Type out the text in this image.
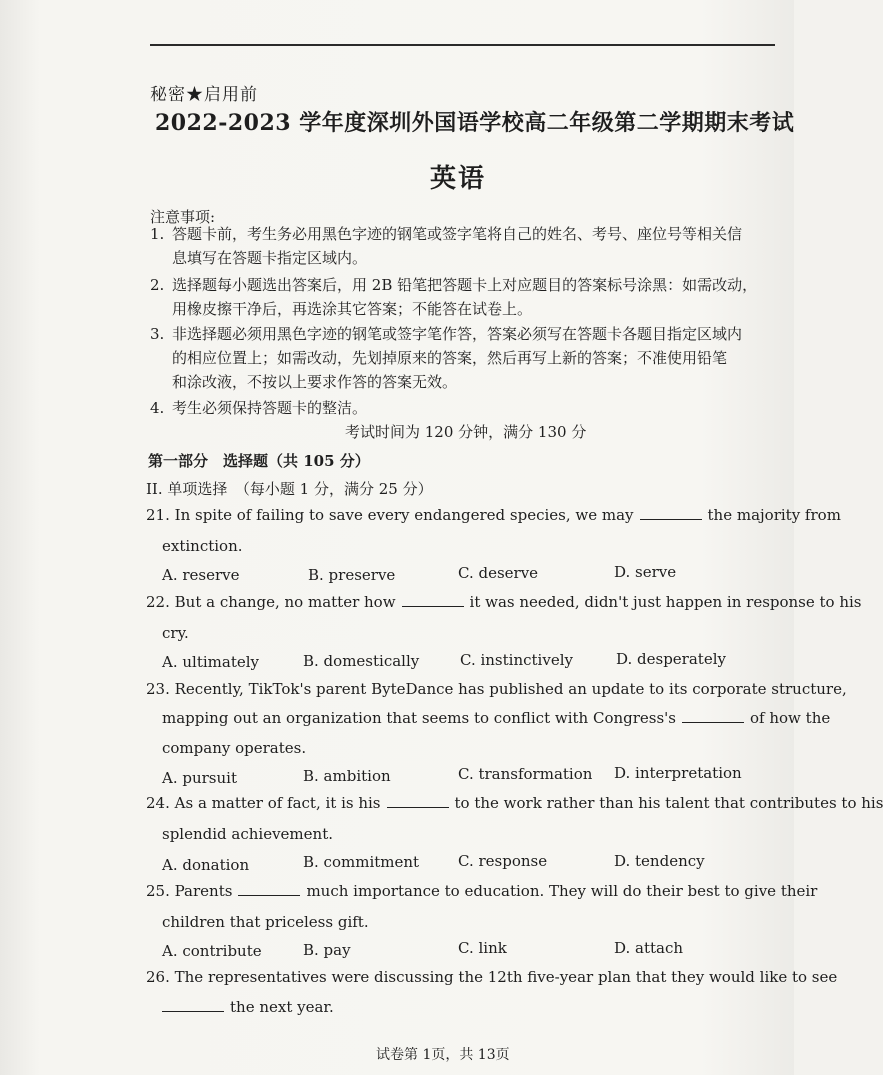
秘密★启用前
2022-2023 学年度深圳外国语学校高二年级第二学期期末考试
英语
注意事项:
1. 答题卡前，考生务必用黑色字迹的钢笔或签字笔将自己的姓名、考号、座位号等相关信
息填写在答题卡指定区域内。
2. 选择题每小题选出答案后，用 2B 铅笔把答题卡上对应题目的答案标号涂黑：如需改动，
用橡皮擦干净后，再选涂其它答案；不能答在试卷上。
3. 非选择题必须用黑色字迹的钢笔或签字笔作答，答案必须写在答题卡各题目指定区域内
的相应位置上；如需改动，先划掉原来的答案，然后再写上新的答案；不准使用铅笔
和涂改液，不按以上要求作答的答案无效。
4. 考生必须保持答题卡的整洁。
考试时间为 120 分钟，满分 130 分
第一部分　选择题（共 105 分）
II. 单项选择　（每小题 1 分，满分 25 分）
21. In spite of failing to save every endangered species, we may	the majority from
extinction.
A. reserve	B. preserve	C. deserve	D. serve
22. But a change, no matter how	it was needed, didn't just happen in response to his
cry.
A. ultimately	B. domestically	C. instinctively	D. desperately
23. Recently, TikTok's parent ByteDance has published an update to its corporate structure,
mapping out an organization that seems to conflict with Congress's	of how the
company operates.
A. pursuit	B. ambition	C. transformation D. interpretation
24. As a matter of fact, it is his	to the work rather than his talent that contributes to his
splendid achievement.
A. donation	B. commitment	C. response	D. tendency
25. Parents	much importance to education. They will do their best to give their
children that priceless gift.
A. contribute	B. pay	C. link	D. attach
26. The representatives were discussing the 12th five-year plan that they would like to see
the next year.
试卷第 1页，共 13页
